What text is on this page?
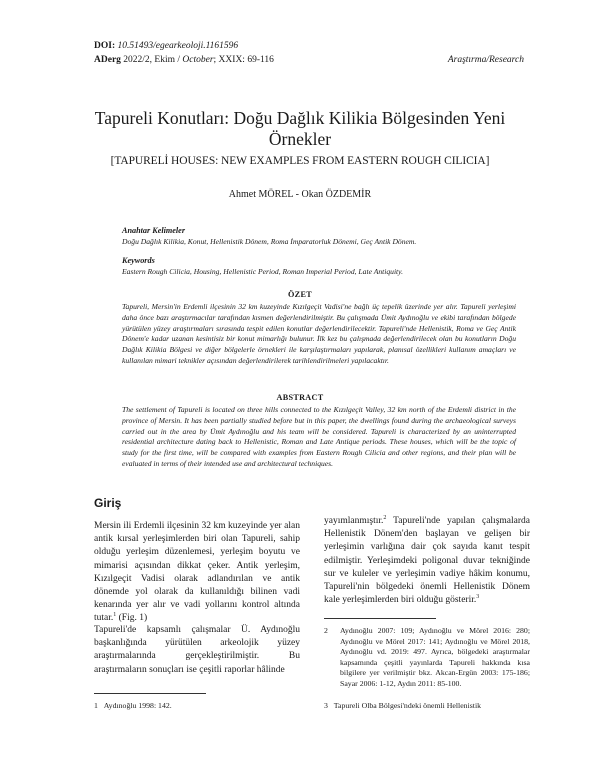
DOI: 10.51493/egearkeoloji.1161596
ADerg 2022/2, Ekim / October; XXIX: 69-116	Araştırma/Research
Tapureli Konutları: Doğu Dağlık Kilikia Bölgesinden Yeni Örnekler
[TAPURELİ HOUSES: NEW EXAMPLES FROM EASTERN ROUGH CILICIA]
Ahmet MÖREL - Okan ÖZDEMİR
Anahtar Kelimeler
Doğu Dağlık Kilikia, Konut, Hellenistik Dönem, Roma İmparatorluk Dönemi, Geç Antik Dönem.
Keywords
Eastern Rough Cilicia, Housing, Hellenistic Period, Roman Imperial Period, Late Antiquity.
ÖZET
Tapureli, Mersin'in Erdemli ilçesinin 32 km kuzeyinde Kızılgeçit Vadisi'ne bağlı üç tepelik üzerinde yer alır. Tapureli yerleşimi daha önce bazı araştırmacılar tarafından kısmen değerlendirilmiştir. Bu çalışmada Ümit Aydınoğlu ve ekibi tarafından bölgede yürütülen yüzey araştırmaları sırasında tespit edilen konutlar değerlendirilecektir. Tapureli'nde Hellenistik, Roma ve Geç Antik Dönem'e kadar uzanan kesintisiz bir konut mimarlığı bulunur. İlk kez bu çalışmada değerlendirilecek olan bu konutların Doğu Dağlık Kilikia Bölgesi ve diğer bölgelerle örnekleri ile karşılaştırmaları yapılarak, planısal özellikleri kullanım amaçları ve kullanılan mimari teknikler açısından değerlendirilerek tarihlendirilmeleri yapılacaktır.
ABSTRACT
The settlement of Tapureli is located on three hills connected to the Kızılgeçit Valley, 32 km north of the Erdemli district in the province of Mersin. It has been partially studied before but in this paper, the dwellings found during the archaeological surveys carried out in the area by Ümit Aydınoğlu and his team will be considered. Tapureli is characterized by an uninterrupted residential architecture dating back to Hellenistic, Roman and Late Antique periods. These houses, which will be the topic of study for the first time, will be compared with examples from Eastern Rough Cilicia and other regions, and their plan will be evaluated in terms of their intended use and architectural techniques.
Giriş
Mersin ili Erdemli ilçesinin 32 km kuzeyinde yer alan antik kırsal yerleşimlerden biri olan Tapureli, sahip olduğu yerleşim düzenlemesi, yerleşim boyutu ve mimarisi açısından dikkat çeker. Antik yerleşim, Kızılgeçit Vadisi olarak adlandırılan ve antik dönemde yol olarak da kullanıldığı bilinen vadi kenarında yer alır ve vadi yollarını kontrol altında tutar.$^1$ (Fig. 1)
Tapureli'de kapsamlı çalışmalar Ü. Aydınoğlu başkanlığında yürütülen arkeolojik yüzey araştırmalarında gerçekleştirilmiştir. Bu araştırmaların sonuçları ise çeşitli raporlar hâlinde
yayımlanmıştır.$^2$ Tapureli'nde yapılan çalışmalarda Hellenistik Dönem'den başlayan ve gelişen bir yerleşimin varlığına dair çok sayıda kanıt tespit edilmiştir. Yerleşimdeki poligonal duvar tekniğinde sur ve kuleler ve yerleşimin vadiye hâkim konumu, Tapureli'nin bölgedeki önemli Hellenistik Dönem kale yerleşimlerden biri olduğu gösterir.$^3$
1 Aydınoğlu 1998: 142.
2 Aydınoğlu 2007: 109; Aydınoğlu ve Mörel 2016: 280; Aydınoğlu ve Mörel 2017: 141; Aydınoğlu ve Mörel 2018, Aydınoğlu vd. 2019: 497. Ayrıca, bölgedeki araştırmalar kapsamında çeşitli yayınlarda Tapureli hakkında kısa bilgilere yer verilmiştir bkz. Akcan-Ergün 2003: 175-186; Sayar 2006: 1-12, Aydın 2011: 85-100.
3 Tapureli Olba Bölgesi'ndeki önemli Hellenistik
